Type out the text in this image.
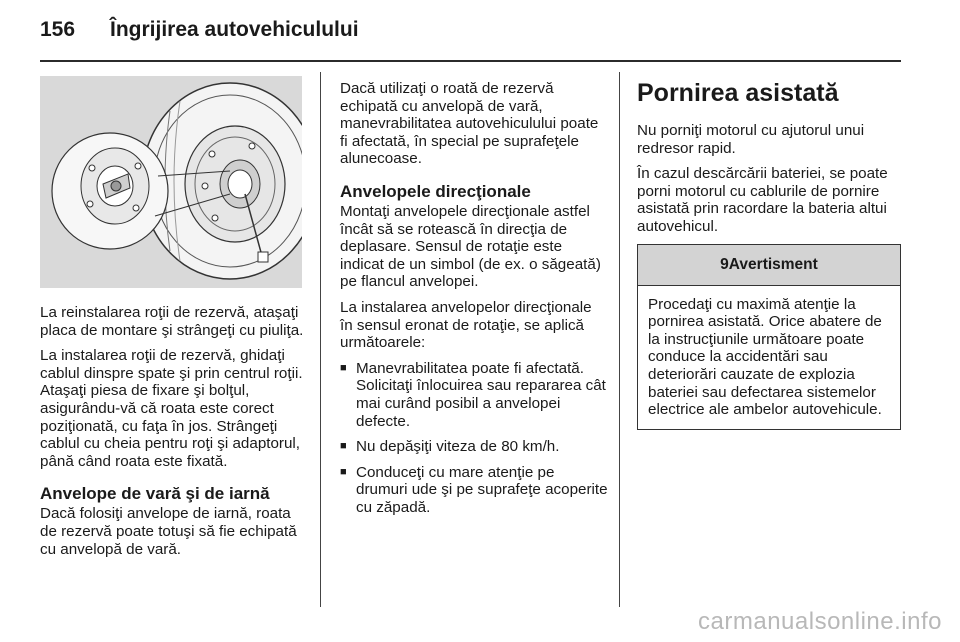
156	Îngrijirea autovehiculului

La reinstalarea roţii de rezervă, ataşaţi placa de montare şi strângeţi cu piuliţa.

La instalarea roţii de rezervă, ghidaţi cablul dinspre spate şi prin centrul roţii. Ataşaţi piesa de fixare şi bolţul, asigurându-vă că roata este corect poziţionată, cu faţa în jos. Strângeţi cablul cu cheia pentru roţi şi adaptorul, până când roata este fixată.

Anvelope de vară şi de iarnă

Dacă folosiţi anvelope de iarnă, roata de rezervă poate totuşi să fie echipată cu anvelopă de vară.

Dacă utilizaţi o roată de rezervă echipată cu anvelopă de vară, manevrabilitatea autovehiculului poate fi afectată, în special pe suprafeţele alunecoase.

Anvelopele direcţionale

Montaţi anvelopele direcţionale astfel încât să se rotească în direcţia de deplasare. Sensul de rotaţie este indicat de un simbol (de ex. o săgeată) pe flancul anvelopei.

La instalarea anvelopelor direcţionale în sensul eronat de rotaţie, se aplică următoarele:

■ Manevrabilitatea poate fi afectată. Solicitaţi înlocuirea sau repararea cât mai curând posibil a anvelopei defecte.
■ Nu depăşiţi viteza de 80 km/h.
■ Conduceţi cu mare atenţie pe drumuri ude şi pe suprafeţe acoperite cu zăpadă.
Pornirea asistată

Nu porniţi motorul cu ajutorul unui redresor rapid.

În cazul descărcării bateriei, se poate porni motorul cu cablurile de pornire asistată prin racordare la bateria altui autovehicul.

9 Avertisment
Procedaţi cu maximă atenţie la pornirea asistată. Orice abatere de la instrucţiunile următoare poate conduce la accidentări sau deteriorări cauzate de explozia bateriei sau defectarea sistemelor electrice ale ambelor autovehicule.
carmanualsonline.info
